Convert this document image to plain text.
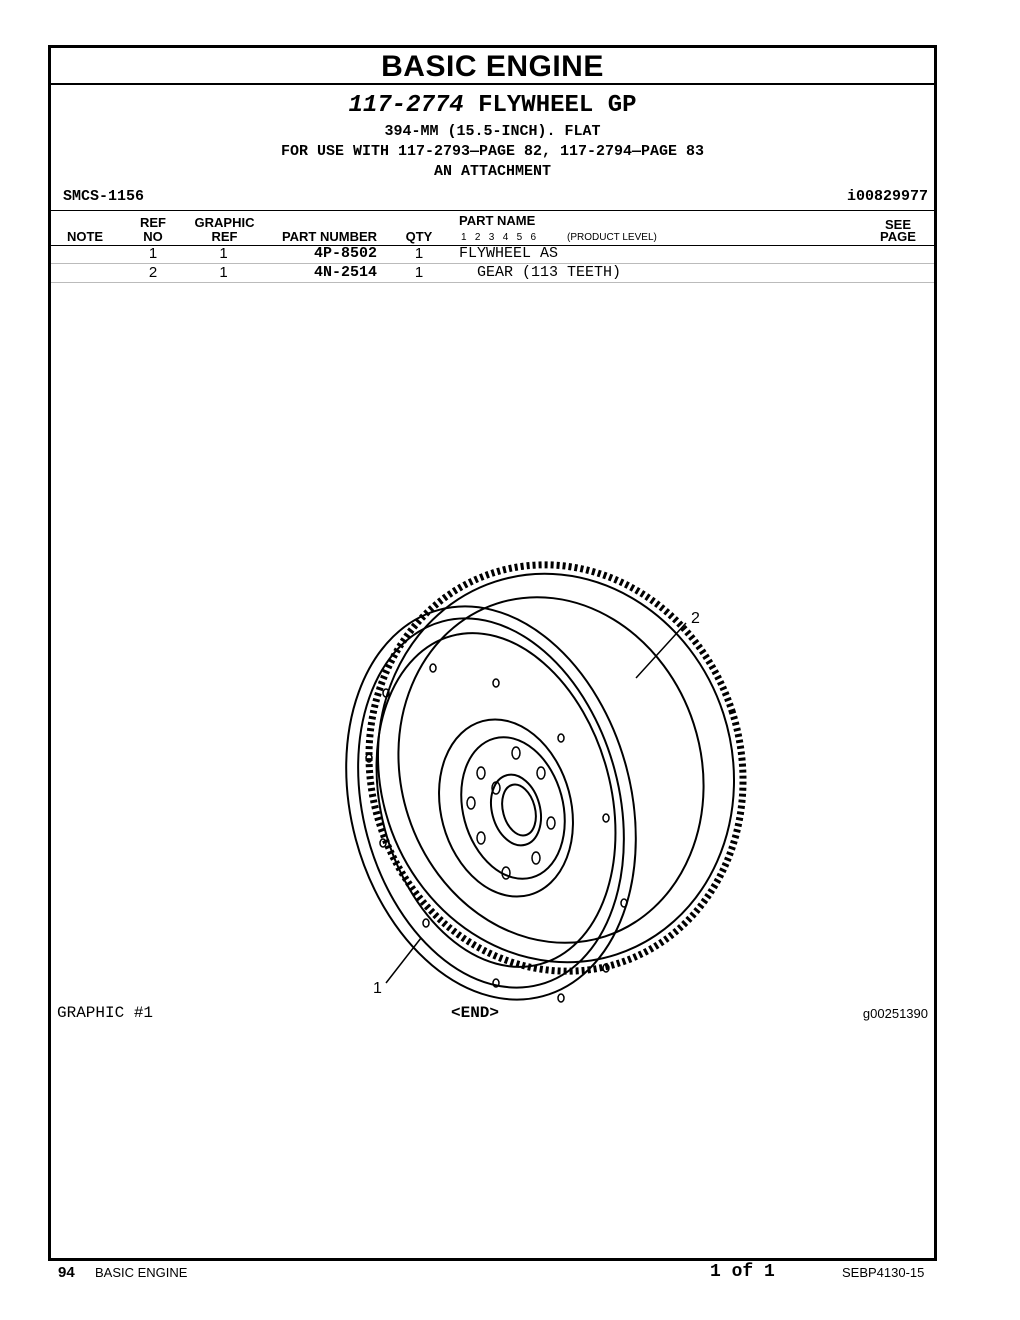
BASIC ENGINE
117-2774 FLYWHEEL GP
394-MM (15.5-INCH). FLAT
FOR USE WITH 117-2793—PAGE 82, 117-2794—PAGE 83
AN ATTACHMENT
SMCS-1156	i00829977
NOTE
REF
NO
GRAPHIC
REF	PART NUMBER	QTY
PART NAME
1   2   3   4   5   6	(PRODUCT LEVEL)
SEE
PAGE
1	1	4P-8502	1	FLYWHEEL AS
2	1	4N-2514	1	GEAR (113 TEETH)
2
1
GRAPHIC #1	<END>	g00251390
94 BASIC ENGINE	1 of 1	SEBP4130-15
